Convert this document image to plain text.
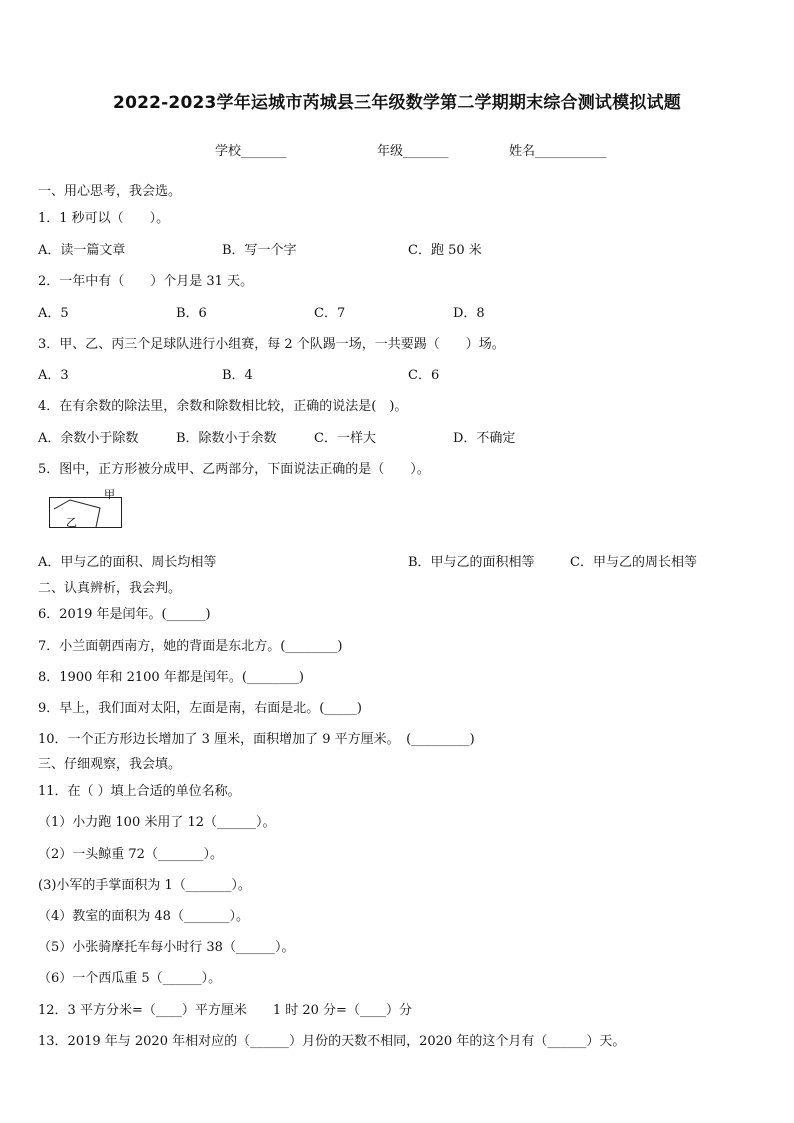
2022-2023学年运城市芮城县三年级数学第二学期期末综合测试模拟试题
学校_______	年级_______	姓名___________
一、用心思考，我会选。
1．1 秒可以（　　）。
A．读一篇文章	B．写一个字	C．跑 50 米
2．一年中有（　　）个月是 31 天。
A．5	B．6	C．7	D．8
3．甲、乙、丙三个足球队进行小组赛，每 2 个队踢一场，一共要踢（　　）场。
A．3	B．4	C．6
4．在有余数的除法里，余数和除数相比较，正确的说法是(　)。
A．余数小于除数	B．除数小于余数	C．一样大	D．不确定
5．图中，正方形被分成甲、乙两部分，下面说法正确的是（　　）。
甲
乙
A．甲与乙的面积、周长均相等	B．甲与乙的面积相等	C．甲与乙的周长相等
二、认真辨析，我会判。
6．2019 年是闰年。(______)
7．小兰面朝西南方，她的背面是东北方。(________)
8．1900 年和 2100 年都是闰年。(________)
9．早上，我们面对太阳，左面是南，右面是北。(_____)
10．一个正方形边长增加了 3 厘米，面积增加了 9 平方厘米。　(_________)
三、仔细观察，我会填。
11．在（ ）填上合适的单位名称。
（1）小力跑 100 米用了 12（______）。
（2）一头鲸重 72（_______）。
(3)小军的手掌面积为 1（_______）。
（4）教室的面积为 48（_______）。
（5）小张骑摩托车每小时行 38（______）。
（6）一个西瓜重 5（______）。
12．3 平方分米=（____）平方厘米　　1 时 20 分=（____）分
13．2019 年与 2020 年相对应的（______）月份的天数不相同，2020 年的这个月有（______）天。
